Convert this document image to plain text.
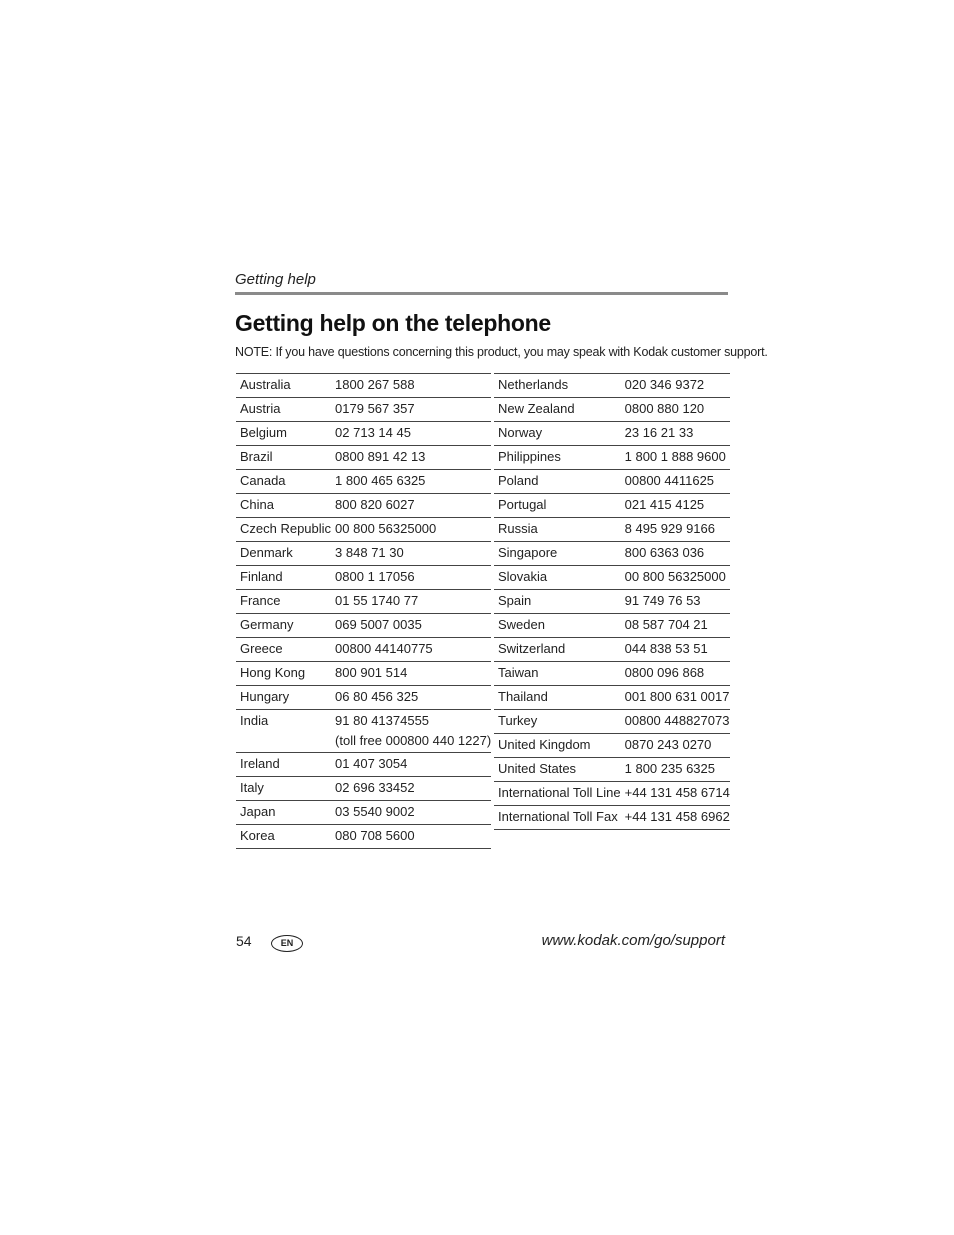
Getting help
Getting help on the telephone
NOTE: If you have questions concerning this product, you may speak with Kodak customer support.
Australia	1800 267 588
Austria	0179 567 357
Belgium	02 713 14 45
Brazil	0800 891 42 13
Canada	1 800 465 6325
China	800 820 6027
Czech Republic	00 800 56325000
Denmark	3 848 71 30
Finland	0800 1 17056
France	01 55 1740 77
Germany	069 5007 0035
Greece	00800 44140775
Hong Kong	800 901 514
Hungary	06 80 456 325
India	91 80 41374555
(toll free 000800 440 1227)

Ireland	01 407 3054
Italy	02 696 33452
Japan	03 5540 9002
Korea	080 708 5600
Netherlands	020 346 9372
New Zealand	0800 880 120
Norway	23 16 21 33
Philippines	1 800 1 888 9600
Poland	00800 4411625
Portugal	021 415 4125
Russia	8 495 929 9166
Singapore	800 6363 036
Slovakia	00 800 56325000
Spain	91 749 76 53
Sweden	08 587 704 21
Switzerland	044 838 53 51
Taiwan	0800 096 868
Thailand	001 800 631 0017
Turkey	00800 448827073
United Kingdom	0870 243 0270
United States	1 800 235 6325
International Toll Line	+44 131 458 6714
International Toll Fax	+44 131 458 6962
54	EN	www.kodak.com/go/support
